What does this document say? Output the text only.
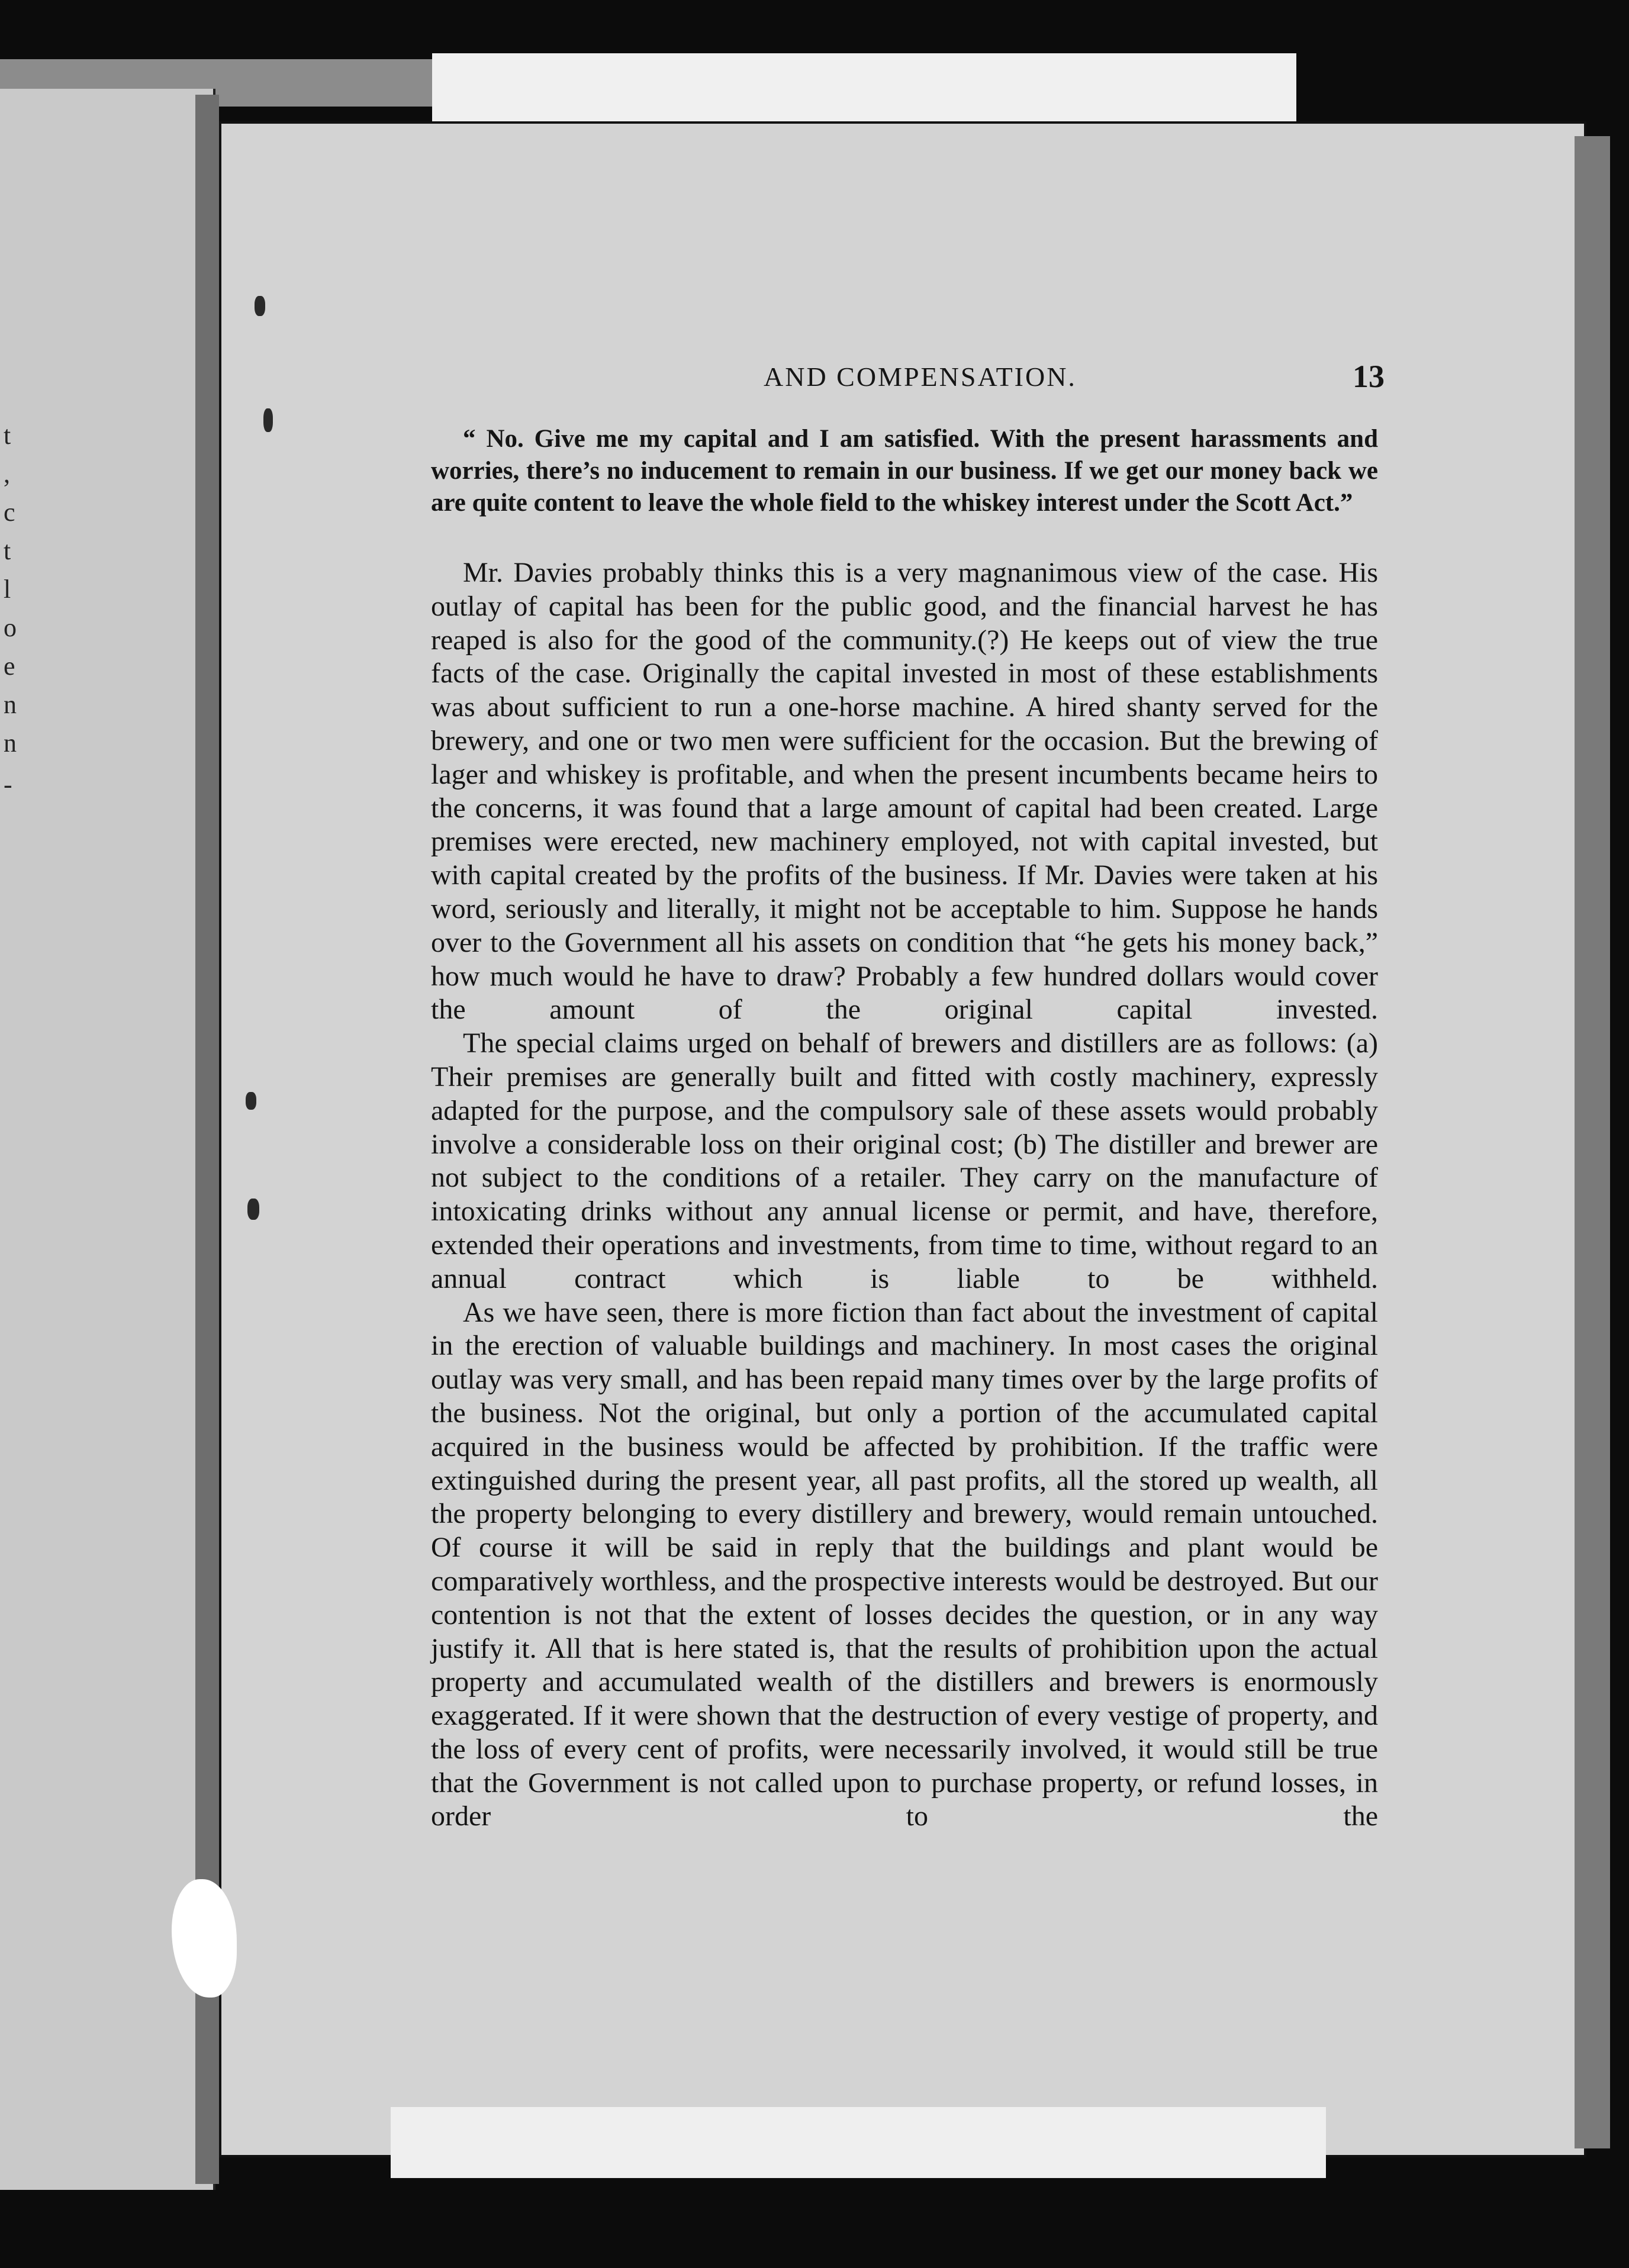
t
,
c
t
l
o
e
n
n
-
AND COMPENSATION.	13

“ No. Give me my capital and I am satisfied. With the present harassments and worries, there’s no inducement to remain in our business. If we get our money back we are quite content to leave the whole field to the whiskey interest under the Scott Act.”

Mr. Davies probably thinks this is a very magnanimous view of the case. His outlay of capital has been for the public good, and the financial harvest he has reaped is also for the good of the community.(?) He keeps out of view the true facts of the case. Originally the capital invested in most of these establishments was about sufficient to run a one-horse machine. A hired shanty served for the brewery, and one or two men were sufficient for the occasion. But the brewing of lager and whiskey is profitable, and when the present incumbents became heirs to the concerns, it was found that a large amount of capital had been created. Large premises were erected, new machinery employed, not with capital invested, but with capital created by the profits of the business. If Mr. Davies were taken at his word, seriously and literally, it might not be acceptable to him. Suppose he hands over to the Government all his assets on condition that “he gets his money back,” how much would he have to draw? Probably a few hundred dollars would cover the amount of the original capital invested.

The special claims urged on behalf of brewers and distillers are as follows: (a) Their premises are generally built and fitted with costly machinery, expressly adapted for the purpose, and the compulsory sale of these assets would probably involve a considerable loss on their original cost; (b) The distiller and brewer are not subject to the conditions of a retailer. They carry on the manufacture of intoxicating drinks without any annual license or permit, and have, therefore, extended their operations and investments, from time to time, without regard to an annual contract which is liable to be withheld.

As we have seen, there is more fiction than fact about the investment of capital in the erection of valuable buildings and machinery. In most cases the original outlay was very small, and has been repaid many times over by the large profits of the business. Not the original, but only a portion of the accumulated capital acquired in the business would be affected by prohibition. If the traffic were extinguished during the present year, all past profits, all the stored up wealth, all the property belonging to every distillery and brewery, would remain untouched. Of course it will be said in reply that the buildings and plant would be comparatively worthless, and the prospective interests would be destroyed. But our contention is not that the extent of losses decides the question, or in any way justify it. All that is here stated is, that the results of prohibition upon the actual property and accumulated wealth of the distillers and brewers is enormously exaggerated. If it were shown that the destruction of every vestige of property, and the loss of every cent of profits, were necessarily involved, it would still be true that the Government is not called upon to purchase property, or refund losses, in order to the
